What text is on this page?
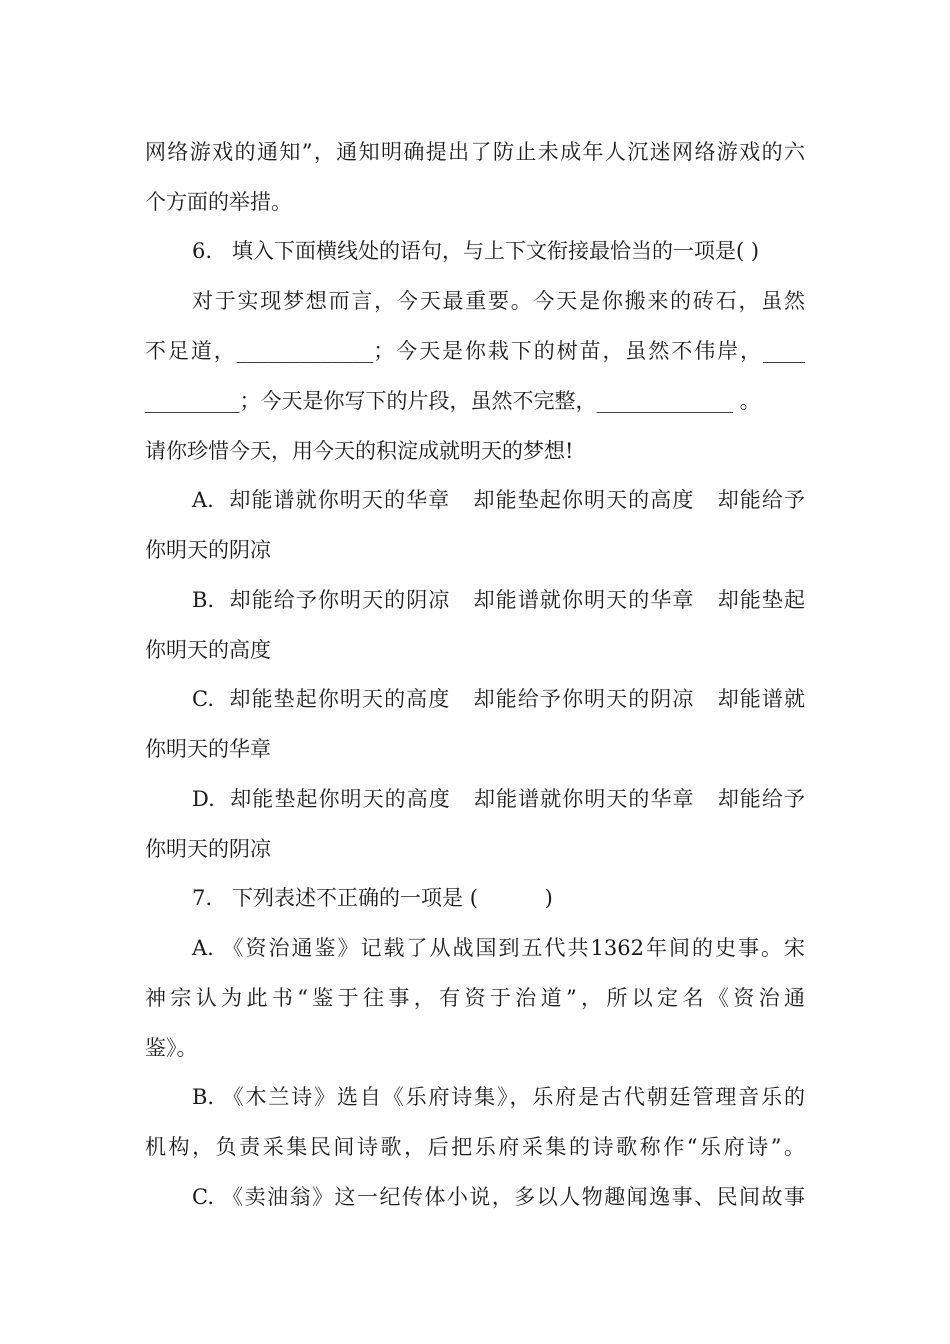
网络游戏的通知”，通知明确提出了防止未成年人沉迷网络游戏的六
个方面的举措。
6.   填入下面横线处的语句，与上下文衔接最恰当的一项是( )
对于实现梦想而言，今天最重要。今天是你搬来的砖石，虽然
不足道，_____________；今天是你栽下的树苗，虽然不伟岸，____
_________；今天是你写下的片段，虽然不完整，_____________ 。
请你珍惜今天，用今天的积淀成就明天的梦想!
A.  却能谱就你明天的华章   却能垫起你明天的高度   却能给予
你明天的阴凉
B.  却能给予你明天的阴凉   却能谱就你明天的华章   却能垫起
你明天的高度
C.  却能垫起你明天的高度   却能给予你明天的阴凉   却能谱就
你明天的华章
D.  却能垫起你明天的高度   却能谱就你明天的华章   却能给予
你明天的阴凉
7.   下列表述不正确的一项是 (          )
A. 《资治通鉴》记载了从战国到五代共1362年间的史事。宋
神宗认为此书“鉴于往事，有资于治道”，所以定名《资治通
鉴》。
B. 《木兰诗》选自《乐府诗集》，乐府是古代朝廷管理音乐的
机构，负责采集民间诗歌，后把乐府采集的诗歌称作“乐府诗”。
C. 《卖油翁》这一纪传体小说，多以人物趣闻逸事、民间故事
